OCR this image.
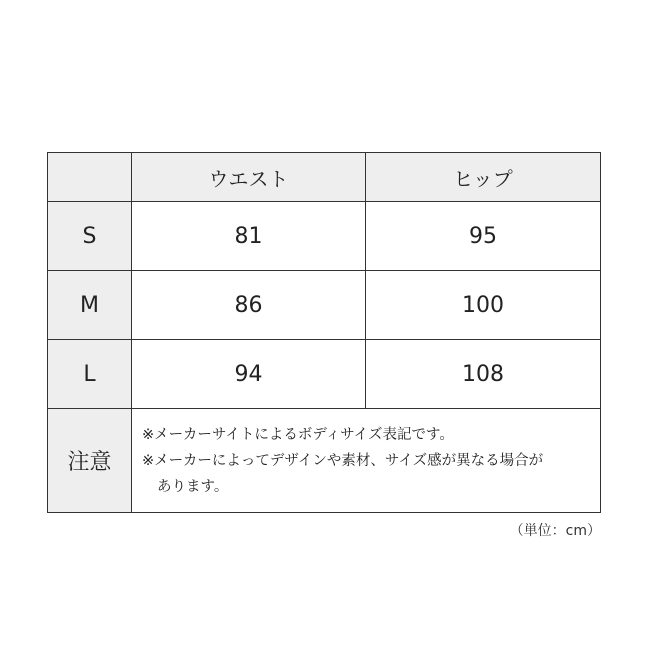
	ウエスト	ヒップ
S	81	95
M	86	100
L	94	108
注意	※メーカーサイトによるボディサイズ表記です。
※メーカーによってデザインや素材、サイズ感が異なる場合が
あります。	
（単位：cm）
